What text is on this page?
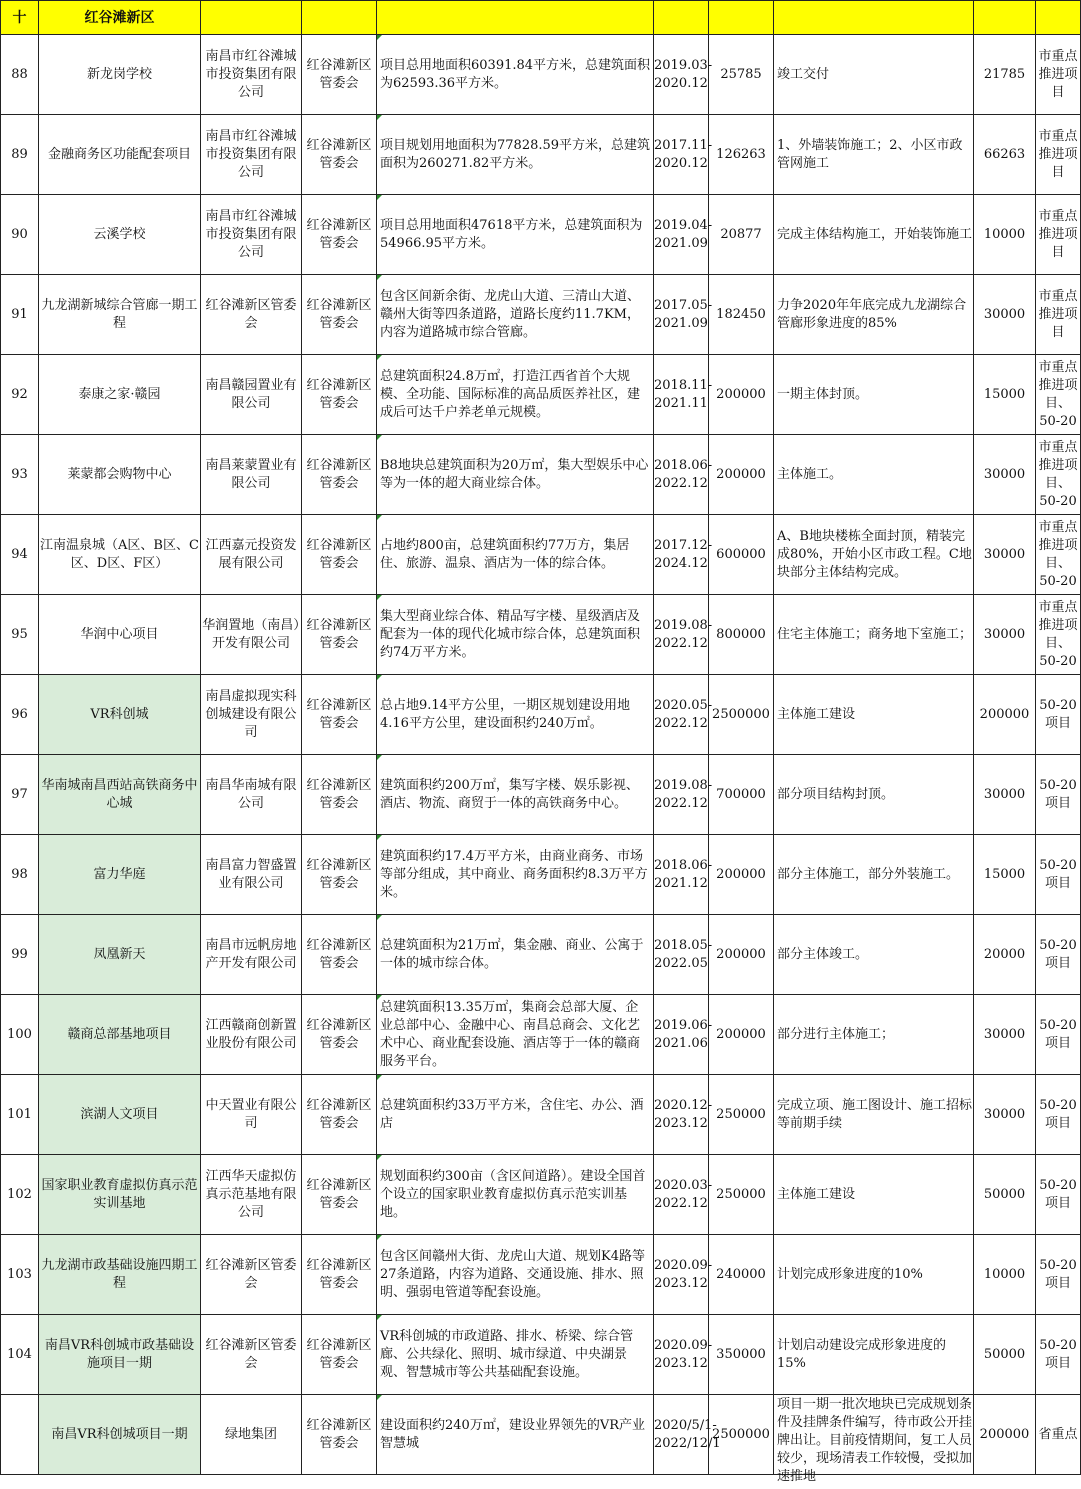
十	红谷滩新区								

88	新龙岗学校	南昌市红谷滩城市投资集团有限公司	红谷滩新区管委会	项目总用地面积60391.84平方米，总建筑面积为62593.36平方米。	2019.03-2020.12	25785	竣工交付	21785	市重点推进项目

89	金融商务区功能配套项目	南昌市红谷滩城市投资集团有限公司	红谷滩新区管委会	项目规划用地面积为77828.59平方米，总建筑面积为260271.82平方米。	2017.11-2020.12	126263	1、外墙装饰施工；2、小区市政管网施工	66263	市重点推进项目

90	云溪学校	南昌市红谷滩城市投资集团有限公司	红谷滩新区管委会	项目总用地面积47618平方米，总建筑面积为54966.95平方米。	2019.04-2021.09	20877	完成主体结构施工，开始装饰施工	10000	市重点推进项目

91	九龙湖新城综合管廊一期工程	红谷滩新区管委会	红谷滩新区管委会	包含区间新余街、龙虎山大道、三清山大道、赣州大街等四条道路，道路长度约11.7KM，内容为道路城市综合管廊。	2017.05-2021.09	182450	力争2020年年底完成九龙湖综合管廊形象进度的85%	30000	市重点推进项目

92	泰康之家·赣园	南昌赣园置业有限公司	红谷滩新区管委会	总建筑面积24.8万㎡，打造江西省首个大规模、全功能、国际标准的高品质医养社区，建成后可达千户养老单元规模。	2018.11-2021.11	200000	一期主体封顶。	15000	市重点推进项目、50-20

93	莱蒙都会购物中心	南昌莱蒙置业有限公司	红谷滩新区管委会	B8地块总建筑面积为20万㎡，集大型娱乐中心等为一体的超大商业综合体。	2018.06-2022.12	200000	主体施工。	30000	市重点推进项目、50-20

94	江南温泉城（A区、B区、C区、D区、F区）	江西嘉元投资发展有限公司	红谷滩新区管委会	占地约800亩，总建筑面积约77万方，集居住、旅游、温泉、酒店为一体的综合体。	2017.12-2024.12	600000	A、B地块楼栋全面封顶，精装完成80%，开始小区市政工程。C地块部分主体结构完成。	30000	市重点推进项目、50-20

95	华润中心项目	华润置地（南昌）开发有限公司	红谷滩新区管委会	集大型商业综合体、精品写字楼、星级酒店及配套为一体的现代化城市综合体，总建筑面积约74万平方米。	2019.08-2022.12	800000	住宅主体施工；商务地下室施工；	30000	市重点推进项目、50-20

96	VR科创城	南昌虚拟现实科创城建设有限公司	红谷滩新区管委会	总占地9.14平方公里，一期区规划建设用地4.16平方公里，建设面积约240万㎡。	2020.05-2022.12	2500000	主体施工建设	200000	50-20项目

97	华南城南昌西站高铁商务中心城	南昌华南城有限公司	红谷滩新区管委会	建筑面积约200万㎡，集写字楼、娱乐影视、酒店、物流、商贸于一体的高铁商务中心。	2019.08-2022.12	700000	部分项目结构封顶。	30000	50-20项目

98	富力华庭	南昌富力智盛置业有限公司	红谷滩新区管委会	建筑面积约17.4万平方米，由商业商务、市场等部分组成，其中商业、商务面积约8.3万平方米。	2018.06-2021.12	200000	部分主体施工，部分外装施工。	15000	50-20项目

99	凤凰新天	南昌市远帆房地产开发有限公司	红谷滩新区管委会	总建筑面积为21万㎡，集金融、商业、公寓于一体的城市综合体。	2018.05-2022.05	200000	部分主体竣工。	20000	50-20项目

100	赣商总部基地项目	江西赣商创新置业股份有限公司	红谷滩新区管委会	总建筑面积13.35万㎡，集商会总部大厦、企业总部中心、金融中心、南昌总商会、文化艺术中心、商业配套设施、酒店等于一体的赣商服务平台。	2019.06-2021.06	200000	部分进行主体施工；	30000	50-20项目

101	滨湖人文项目	中天置业有限公司	红谷滩新区管委会	总建筑面积约33万平方米，含住宅、办公、酒店	2020.12-2023.12	250000	完成立项、施工图设计、施工招标等前期手续	30000	50-20项目

102	国家职业教育虚拟仿真示范实训基地	江西华天虚拟仿真示范基地有限公司	红谷滩新区管委会	规划面积约300亩（含区间道路）。建设全国首个设立的国家职业教育虚拟仿真示范实训基地。	2020.03-2022.12	250000	主体施工建设	50000	50-20项目

103	九龙湖市政基础设施四期工程	红谷滩新区管委会	红谷滩新区管委会	包含区间赣州大街、龙虎山大道、规划K4路等27条道路，内容为道路、交通设施、排水、照明、强弱电管道等配套设施。	2020.09-2023.12	240000	计划完成形象进度的10%	10000	50-20项目

104	南昌VR科创城市政基础设施项目一期	红谷滩新区管委会	红谷滩新区管委会	VR科创城的市政道路、排水、桥梁、综合管廊、公共绿化、照明、城市绿道、中央湖景观、智慧城市等公共基础配套设施。	2020.09-2023.12	350000	计划启动建设完成形象进度的15%	50000	50-20项目

	南昌VR科创城项目一期	绿地集团	红谷滩新区管委会	建设面积约240万㎡，建设业界领先的VR产业智慧城	2020/5/1-2022/12/1	2500000	项目一期一批次地块已完成规划条件及挂牌条件编写，待市政公开挂牌出让。目前疫情期间，复工人员较少，现场清表工作较慢，受拟加速推地	200000	省重点
